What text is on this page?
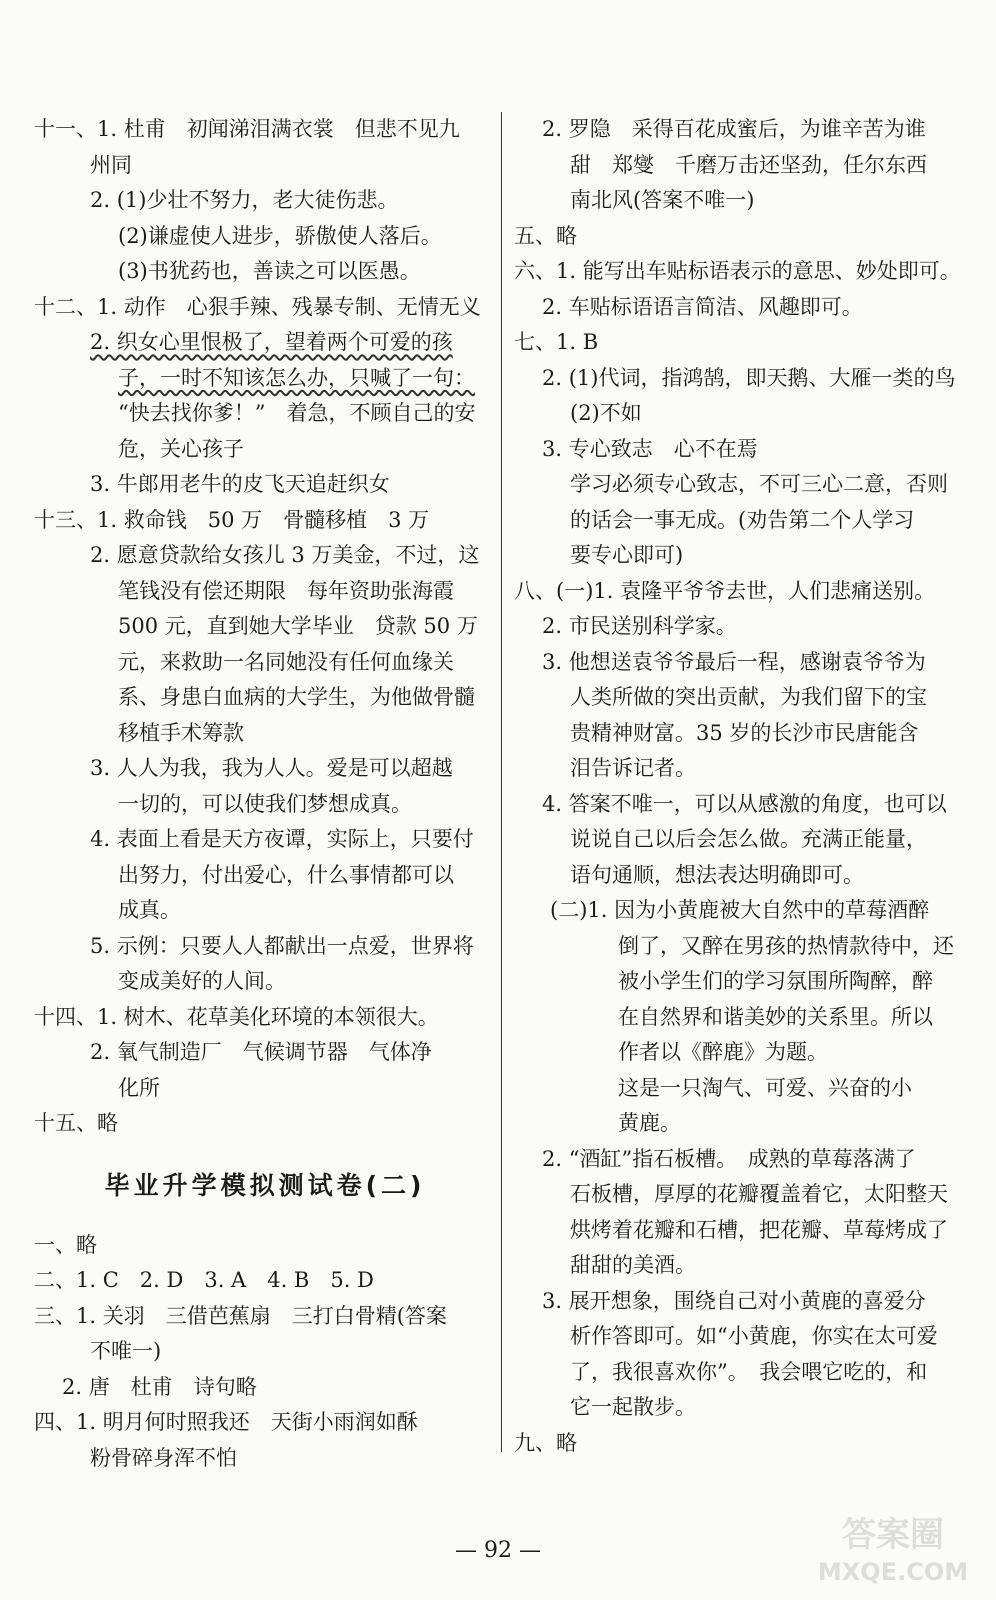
十一、1. 杜甫　初闻涕泪满衣裳　但悲不见九
州同
2. (1)少壮不努力，老大徒伤悲。
(2)谦虚使人进步，骄傲使人落后。
(3)书犹药也，善读之可以医愚。
十二、1. 动作　心狠手辣、残暴专制、无情无义
2. 织女心里恨极了，望着两个可爱的孩
子，一时不知该怎么办，只喊了一句：
“快去找你爹！”　着急，不顾自己的安
危，关心孩子
3. 牛郎用老牛的皮飞天追赶织女
十三、1. 救命钱　50 万　骨髓移植　3 万
2. 愿意贷款给女孩儿 3 万美金，不过，这
笔钱没有偿还期限　每年资助张海霞
500 元，直到她大学毕业　贷款 50 万
元，来救助一名同她没有任何血缘关
系、身患白血病的大学生，为他做骨髓
移植手术筹款
3. 人人为我，我为人人。爱是可以超越
一切的，可以使我们梦想成真。
4. 表面上看是天方夜谭，实际上，只要付
出努力，付出爱心，什么事情都可以
成真。
5. 示例：只要人人都献出一点爱，世界将
变成美好的人间。
十四、1. 树木、花草美化环境的本领很大。
2. 氧气制造厂　气候调节器　气体净
化所
十五、略
毕业升学模拟测试卷(二)
一、略
二、1. C　2. D　3. A　4. B　5. D
三、1. 关羽　三借芭蕉扇　三打白骨精(答案
不唯一)
2. 唐　杜甫　诗句略
四、1. 明月何时照我还　天街小雨润如酥
粉骨碎身浑不怕
2. 罗隐　采得百花成蜜后，为谁辛苦为谁
甜　郑燮　千磨万击还坚劲，任尔东西
南北风(答案不唯一)
五、略
六、1. 能写出车贴标语表示的意思、妙处即可。
2. 车贴标语语言简洁、风趣即可。
七、1. B
2. (1)代词，指鸿鹄，即天鹅、大雁一类的鸟
(2)不如
3. 专心致志　心不在焉
学习必须专心致志，不可三心二意，否则
的话会一事无成。(劝告第二个人学习
要专心即可)
八、(一)1. 袁隆平爷爷去世，人们悲痛送别。
2. 市民送别科学家。
3. 他想送袁爷爷最后一程，感谢袁爷爷为
人类所做的突出贡献，为我们留下的宝
贵精神财富。35 岁的长沙市民唐能含
泪告诉记者。
4. 答案不唯一，可以从感激的角度，也可以
说说自己以后会怎么做。充满正能量，
语句通顺，想法表达明确即可。
(二)1. 因为小黄鹿被大自然中的草莓酒醉
倒了，又醉在男孩的热情款待中，还
被小学生们的学习氛围所陶醉，醉
在自然界和谐美妙的关系里。所以
作者以《醉鹿》为题。
这是一只淘气、可爱、兴奋的小
黄鹿。
2. “酒缸”指石板槽。　成熟的草莓落满了
石板槽，厚厚的花瓣覆盖着它，太阳整天
烘烤着花瓣和石槽，把花瓣、草莓烤成了
甜甜的美酒。
3. 展开想象，围绕自己对小黄鹿的喜爱分
析作答即可。如“小黄鹿，你实在太可爱
了，我很喜欢你”。　我会喂它吃的，和
它一起散步。
九、略
— 92 —	答案圈
MXQE.COM
